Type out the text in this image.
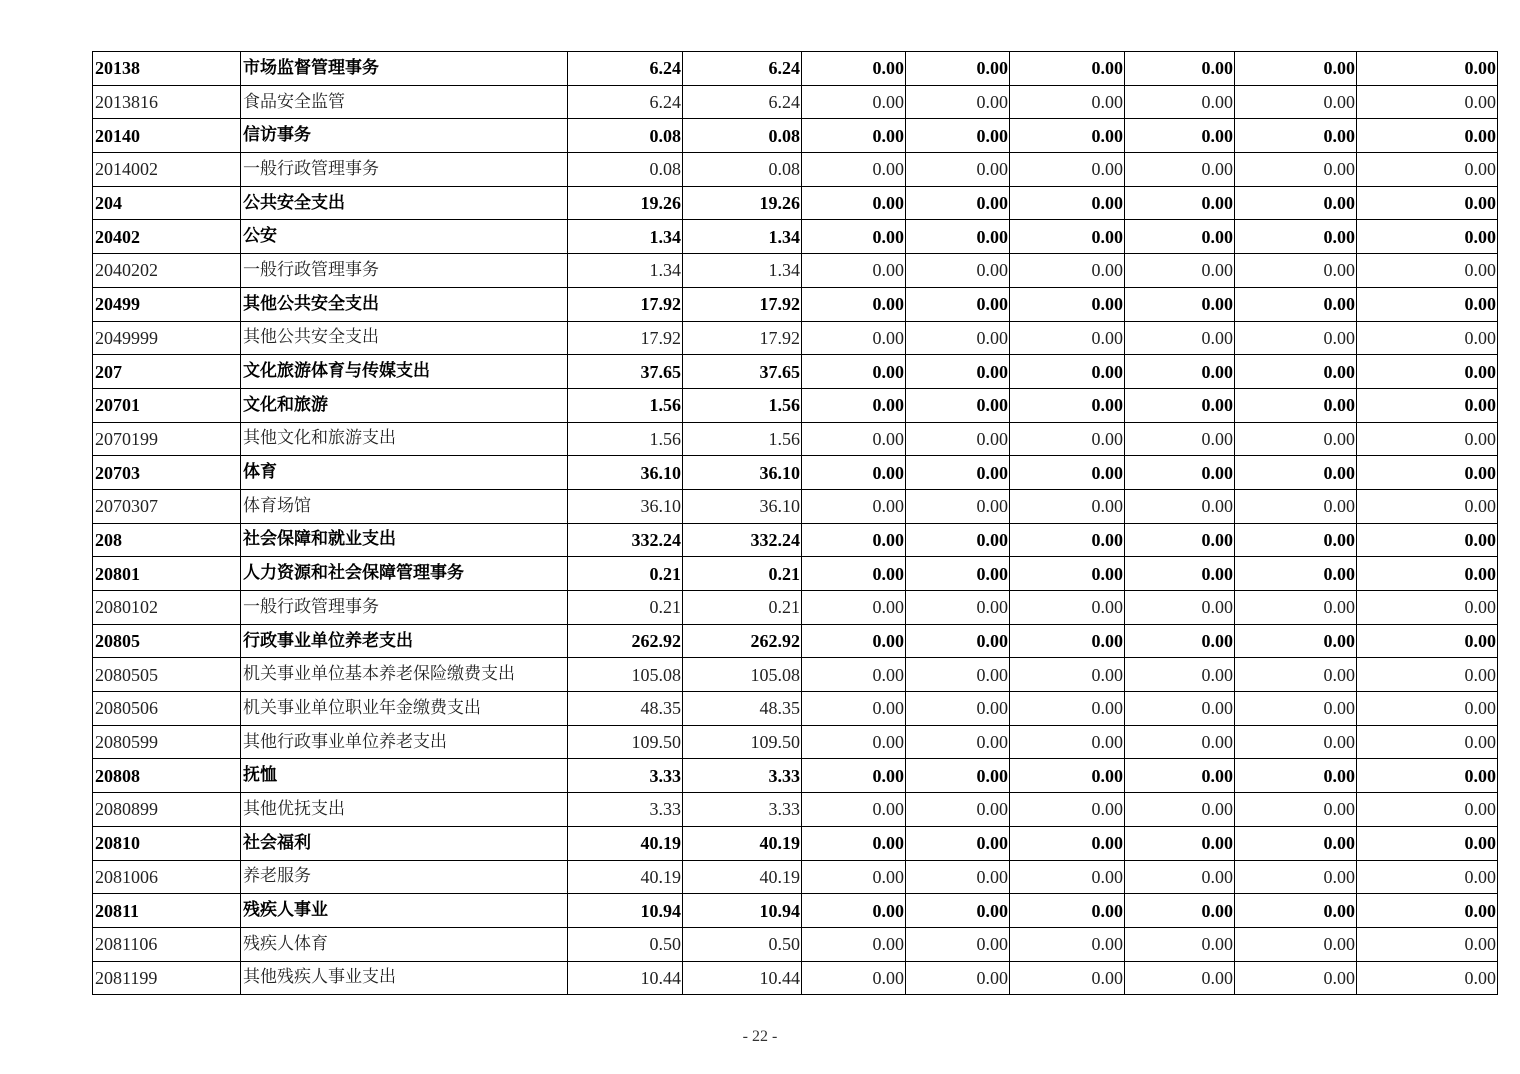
20138	市场监督管理事务	6.24	6.24	0.00	0.00	0.00	0.00	0.00	0.00
2013816	食品安全监管	6.24	6.24	0.00	0.00	0.00	0.00	0.00	0.00
20140	信访事务	0.08	0.08	0.00	0.00	0.00	0.00	0.00	0.00
2014002	一般行政管理事务	0.08	0.08	0.00	0.00	0.00	0.00	0.00	0.00
204	公共安全支出	19.26	19.26	0.00	0.00	0.00	0.00	0.00	0.00
20402	公安	1.34	1.34	0.00	0.00	0.00	0.00	0.00	0.00
2040202	一般行政管理事务	1.34	1.34	0.00	0.00	0.00	0.00	0.00	0.00
20499	其他公共安全支出	17.92	17.92	0.00	0.00	0.00	0.00	0.00	0.00
2049999	其他公共安全支出	17.92	17.92	0.00	0.00	0.00	0.00	0.00	0.00
207	文化旅游体育与传媒支出	37.65	37.65	0.00	0.00	0.00	0.00	0.00	0.00
20701	文化和旅游	1.56	1.56	0.00	0.00	0.00	0.00	0.00	0.00
2070199	其他文化和旅游支出	1.56	1.56	0.00	0.00	0.00	0.00	0.00	0.00
20703	体育	36.10	36.10	0.00	0.00	0.00	0.00	0.00	0.00
2070307	体育场馆	36.10	36.10	0.00	0.00	0.00	0.00	0.00	0.00
208	社会保障和就业支出	332.24	332.24	0.00	0.00	0.00	0.00	0.00	0.00
20801	人力资源和社会保障管理事务	0.21	0.21	0.00	0.00	0.00	0.00	0.00	0.00
2080102	一般行政管理事务	0.21	0.21	0.00	0.00	0.00	0.00	0.00	0.00
20805	行政事业单位养老支出	262.92	262.92	0.00	0.00	0.00	0.00	0.00	0.00
2080505	机关事业单位基本养老保险缴费支出	105.08	105.08	0.00	0.00	0.00	0.00	0.00	0.00
2080506	机关事业单位职业年金缴费支出	48.35	48.35	0.00	0.00	0.00	0.00	0.00	0.00
2080599	其他行政事业单位养老支出	109.50	109.50	0.00	0.00	0.00	0.00	0.00	0.00
20808	抚恤	3.33	3.33	0.00	0.00	0.00	0.00	0.00	0.00
2080899	其他优抚支出	3.33	3.33	0.00	0.00	0.00	0.00	0.00	0.00
20810	社会福利	40.19	40.19	0.00	0.00	0.00	0.00	0.00	0.00
2081006	养老服务	40.19	40.19	0.00	0.00	0.00	0.00	0.00	0.00
20811	残疾人事业	10.94	10.94	0.00	0.00	0.00	0.00	0.00	0.00
2081106	残疾人体育	0.50	0.50	0.00	0.00	0.00	0.00	0.00	0.00
2081199	其他残疾人事业支出	10.44	10.44	0.00	0.00	0.00	0.00	0.00	0.00
- 22 -
